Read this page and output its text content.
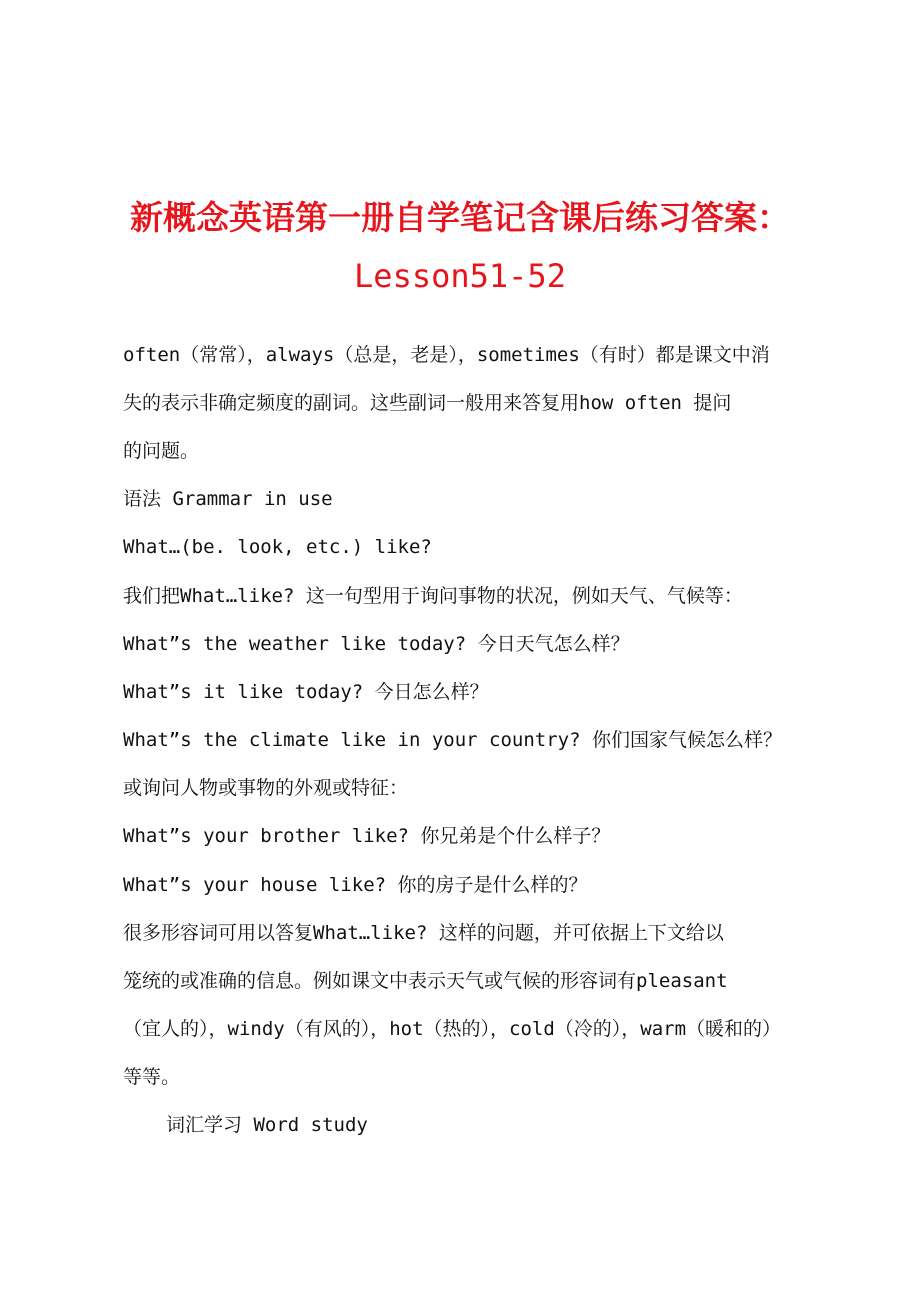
新概念英语第一册自学笔记含课后练习答案：
Lesson51-52
often（常常），always（总是，老是），sometimes（有时）都是课文中消
失的表示非确定频度的副词。这些副词一般用来答复用how often 提问
的问题。
语法 Grammar in use
What…(be. look, etc.) like?
我们把What…like? 这一句型用于询问事物的状况，例如天气、气候等：
What”s the weather like today? 今日天气怎么样？
What”s it like today? 今日怎么样？
What”s the climate like in your country? 你们国家气候怎么样？
或询问人物或事物的外观或特征：
What”s your brother like? 你兄弟是个什么样子？
What”s your house like? 你的房子是什么样的？
很多形容词可用以答复What…like? 这样的问题，并可依据上下文给以
笼统的或准确的信息。例如课文中表示天气或气候的形容词有pleasant
（宜人的），windy（有风的），hot（热的），cold（冷的），warm（暖和的）
等等。
词汇学习 Word study
